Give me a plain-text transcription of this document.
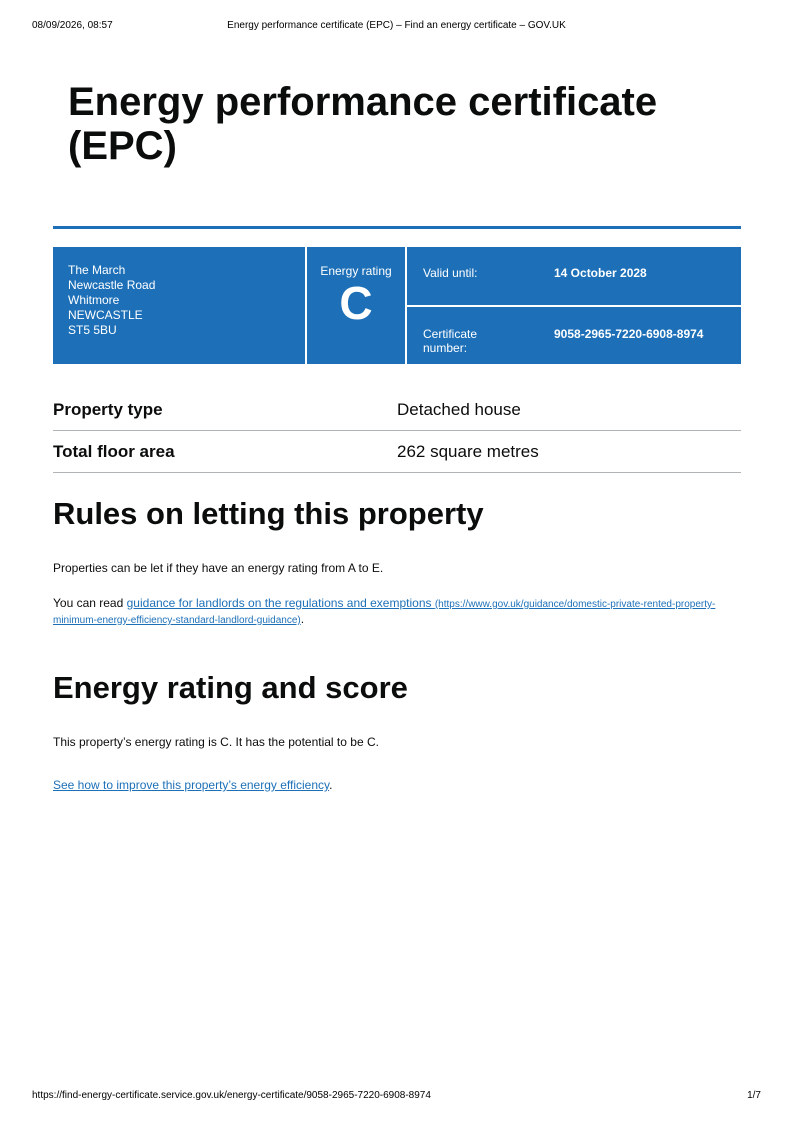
08/09/2026, 08:57	Energy performance certificate (EPC) – Find an energy certificate – GOV.UK
Energy performance certificate (EPC)
The March
Newcastle Road
Whitmore
NEWCASTLE
ST5 5BU
Energy rating
C
Valid until:	14 October 2028
Certificate number:
9058-2965-7220-6908-8974
Property type	Detached house
Total floor area	262 square metres
Rules on letting this property

Properties can be let if they have an energy rating from A to E.

You can read guidance for landlords on the regulations and exemptions (https://www.gov.uk/guidance/domestic-private-rented-property-minimum-energy-efficiency-standard-landlord-guidance).

Energy rating and score

This property’s energy rating is C. It has the potential to be C.

See how to improve this property’s energy efficiency.

https://find-energy-certificate.service.gov.uk/energy-certificate/9058-2965-7220-6908-8974	1/7
